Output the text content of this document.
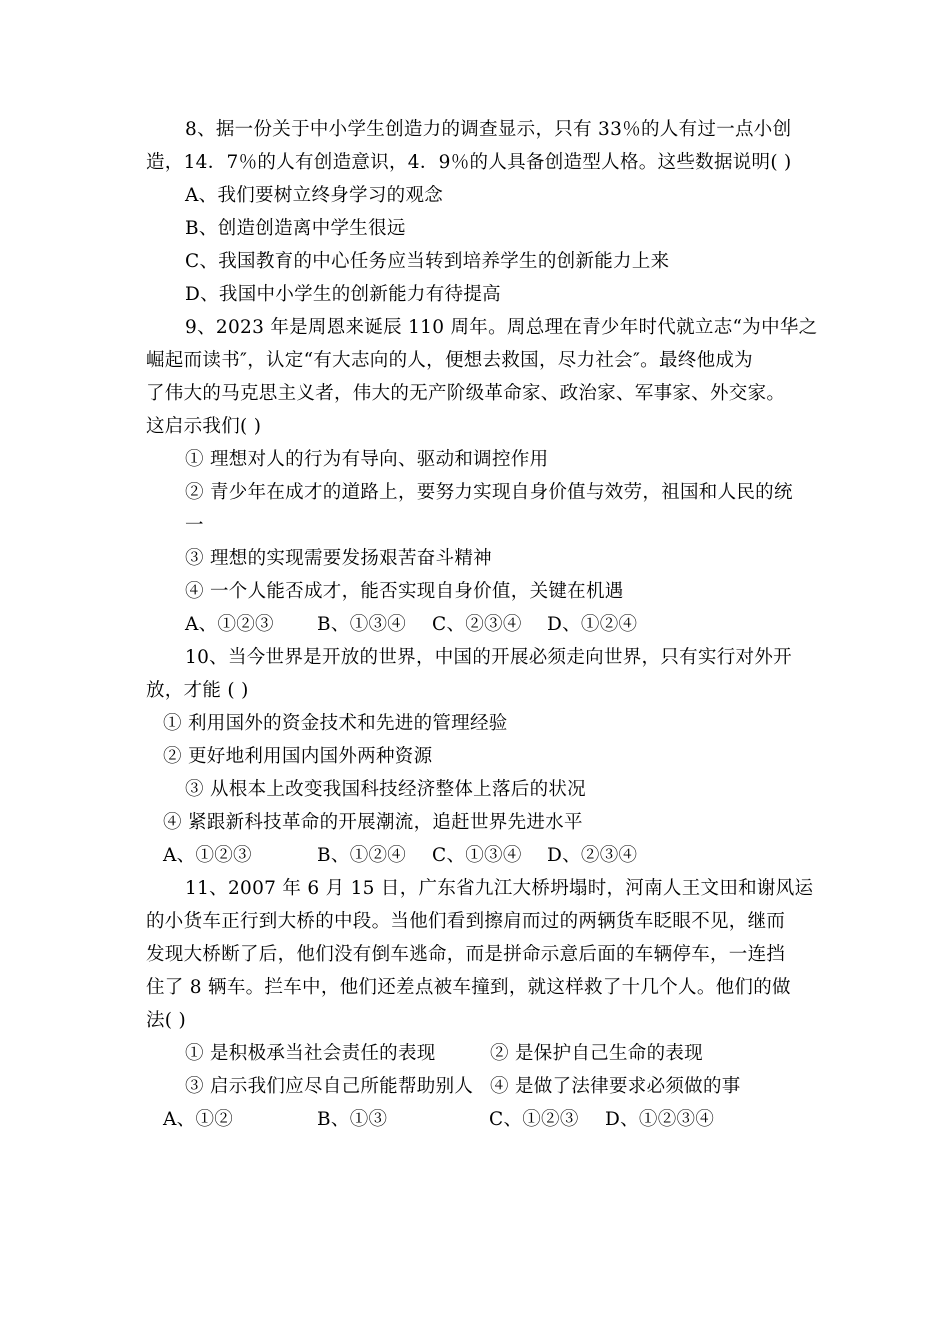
8、据一份关于中小学生创造力的调查显示，只有 33％的人有过一点小创
造，14．7％的人有创造意识，4．9％的人具备创造型人格。这些数据说明( )
A、我们要树立终身学习的观念
B、创造创造离中学生很远
C、我国教育的中心任务应当转到培养学生的创新能力上来
D、我国中小学生的创新能力有待提高
9、2023 年是周恩来诞辰 110 周年。周总理在青少年时代就立志“为中华之
崛起而读书″，认定“有大志向的人，便想去救国，尽力社会″。最终他成为
了伟大的马克思主义者，伟大的无产阶级革命家、政治家、军事家、外交家。
这启示我们( )
① 理想对人的行为有导向、驱动和调控作用
② 青少年在成才的道路上，要努力实现自身价值与效劳，祖国和人民的统
一
③ 理想的实现需要发扬艰苦奋斗精神
④ 一个人能否成才，能否实现自身价值，关键在机遇
A、①②③ B、①③④ C、②③④ D、①②④
10、当今世界是开放的世界，中国的开展必须走向世界，只有实行对外开
放，才能 ( )
① 利用国外的资金技术和先进的管理经验
② 更好地利用国内国外两种资源
③ 从根本上改变我国科技经济整体上落后的状况
④ 紧跟新科技革命的开展潮流，追赶世界先进水平
A、①②③	B、①②④ C、①③④ D、②③④
11、2007 年 6 月 15 日，广东省九江大桥坍塌时，河南人王文田和谢风运
的小货车正行到大桥的中段。当他们看到擦肩而过的两辆货车眨眼不见，继而
发现大桥断了后，他们没有倒车逃命，而是拼命示意后面的车辆停车，一连挡
住了 8 辆车。拦车中，他们还差点被车撞到，就这样救了十几个人。他们的做
法( )
① 是积极承当社会责任的表现	② 是保护自己生命的表现
③ 启示我们应尽自己所能帮助别人 ④ 是做了法律要求必须做的事
A、①②	B、①③	C、①②③ D、①②③④
